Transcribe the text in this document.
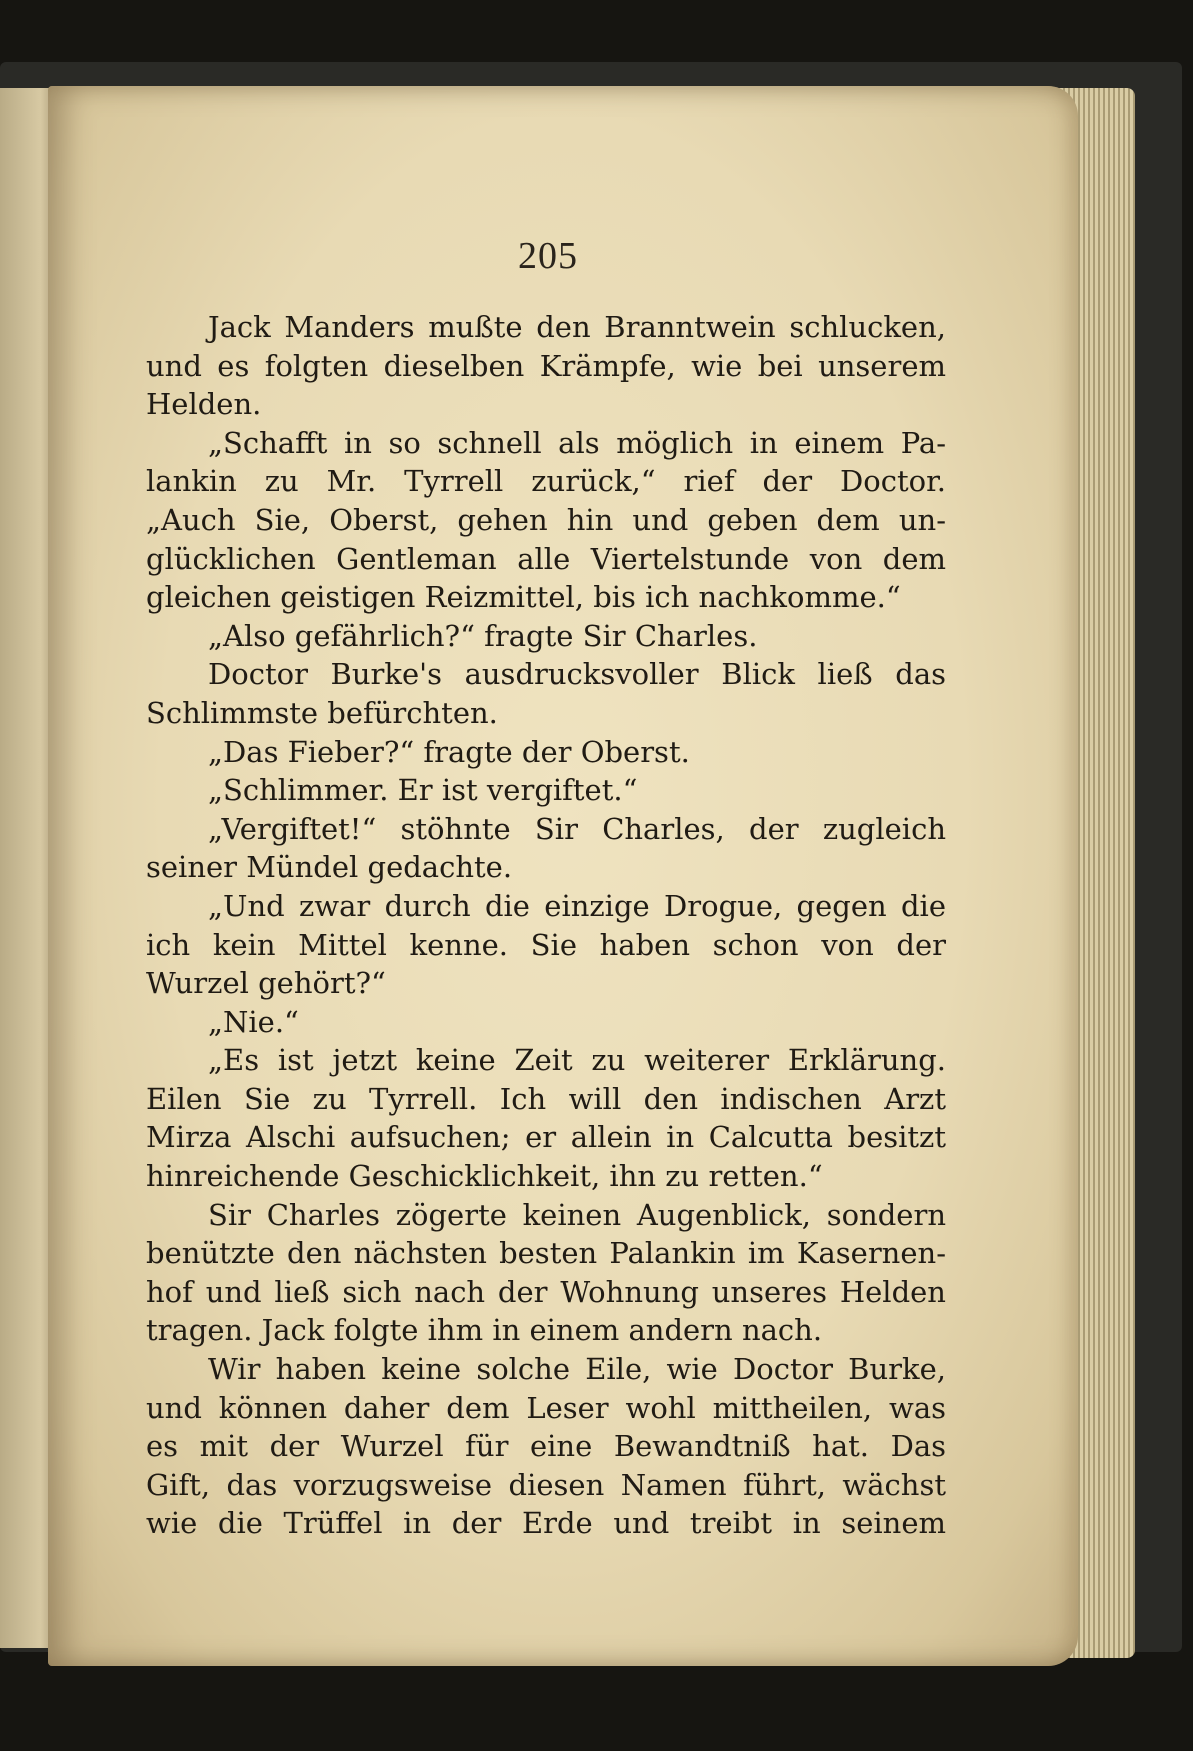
205
Jack Manders mußte den Branntwein schlucken,
und es folgten dieselben Krämpfe, wie bei unserem
Helden.
„Schafft in so schnell als möglich in einem Pa-
lankin zu Mr. Tyrrell zurück,“ rief der Doctor.
„Auch Sie, Oberst, gehen hin und geben dem un-
glücklichen Gentleman alle Viertelstunde von dem
gleichen geistigen Reizmittel, bis ich nachkomme.“
„Also gefährlich?“ fragte Sir Charles.
Doctor Burke's ausdrucksvoller Blick ließ das
Schlimmste befürchten.
„Das Fieber?“ fragte der Oberst.
„Schlimmer. Er ist vergiftet.“
„Vergiftet!“ stöhnte Sir Charles, der zugleich
seiner Mündel gedachte.
„Und zwar durch die einzige Drogue, gegen die
ich kein Mittel kenne. Sie haben schon von der
Wurzel gehört?“
„Nie.“
„Es ist jetzt keine Zeit zu weiterer Erklärung.
Eilen Sie zu Tyrrell. Ich will den indischen Arzt
Mirza Alschi aufsuchen; er allein in Calcutta besitzt
hinreichende Geschicklichkeit, ihn zu retten.“
Sir Charles zögerte keinen Augenblick, sondern
benützte den nächsten besten Palankin im Kasernen-
hof und ließ sich nach der Wohnung unseres Helden
tragen. Jack folgte ihm in einem andern nach.
Wir haben keine solche Eile, wie Doctor Burke,
und können daher dem Leser wohl mittheilen, was
es mit der Wurzel für eine Bewandtniß hat. Das
Gift, das vorzugsweise diesen Namen führt, wächst
wie die Trüffel in der Erde und treibt in seinem
